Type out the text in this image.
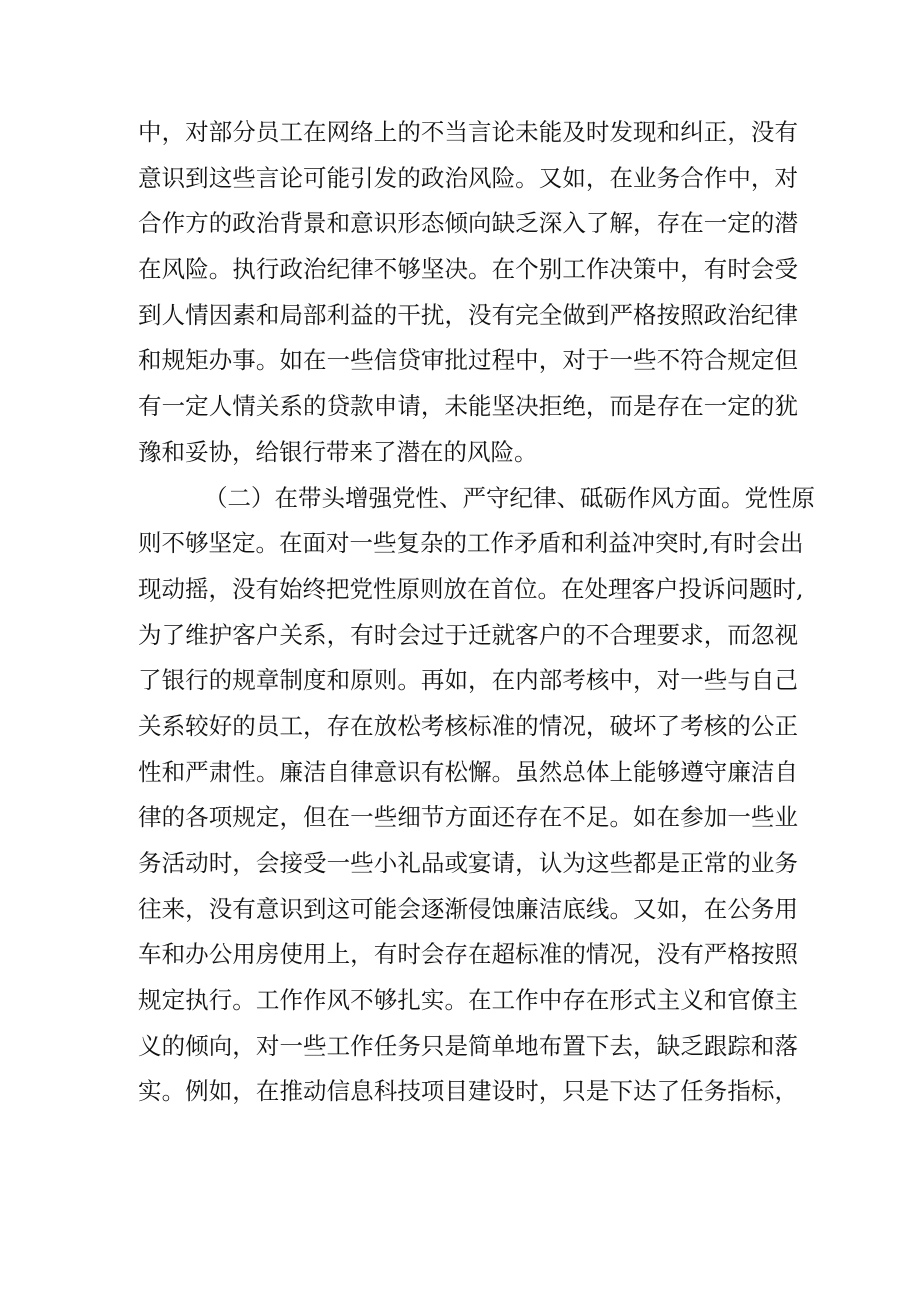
中，对部分员工在网络上的不当言论未能及时发现和纠正，没有
意识到这些言论可能引发的政治风险。又如，在业务合作中，对
合作方的政治背景和意识形态倾向缺乏深入了解，存在一定的潜
在风险。执行政治纪律不够坚决。在个别工作决策中，有时会受
到人情因素和局部利益的干扰，没有完全做到严格按照政治纪律
和规矩办事。如在一些信贷审批过程中，对于一些不符合规定但
有一定人情关系的贷款申请，未能坚决拒绝，而是存在一定的犹
豫和妥协，给银行带来了潜在的风险。
（二）在带头增强党性、严守纪律、砥砺作风方面。党性原
则不够坚定。在面对一些复杂的工作矛盾和利益冲突时,有时会出
现动摇，没有始终把党性原则放在首位。在处理客户投诉问题时,
为了维护客户关系，有时会过于迁就客户的不合理要求，而忽视
了银行的规章制度和原则。再如，在内部考核中，对一些与自己
关系较好的员工，存在放松考核标准的情况，破坏了考核的公正
性和严肃性。廉洁自律意识有松懈。虽然总体上能够遵守廉洁自
律的各项规定，但在一些细节方面还存在不足。如在参加一些业
务活动时，会接受一些小礼品或宴请，认为这些都是正常的业务
往来，没有意识到这可能会逐渐侵蚀廉洁底线。又如，在公务用
车和办公用房使用上，有时会存在超标准的情况，没有严格按照
规定执行。工作作风不够扎实。在工作中存在形式主义和官僚主
义的倾向，对一些工作任务只是简单地布置下去，缺乏跟踪和落
实。例如，在推动信息科技项目建设时，只是下达了任务指标，
